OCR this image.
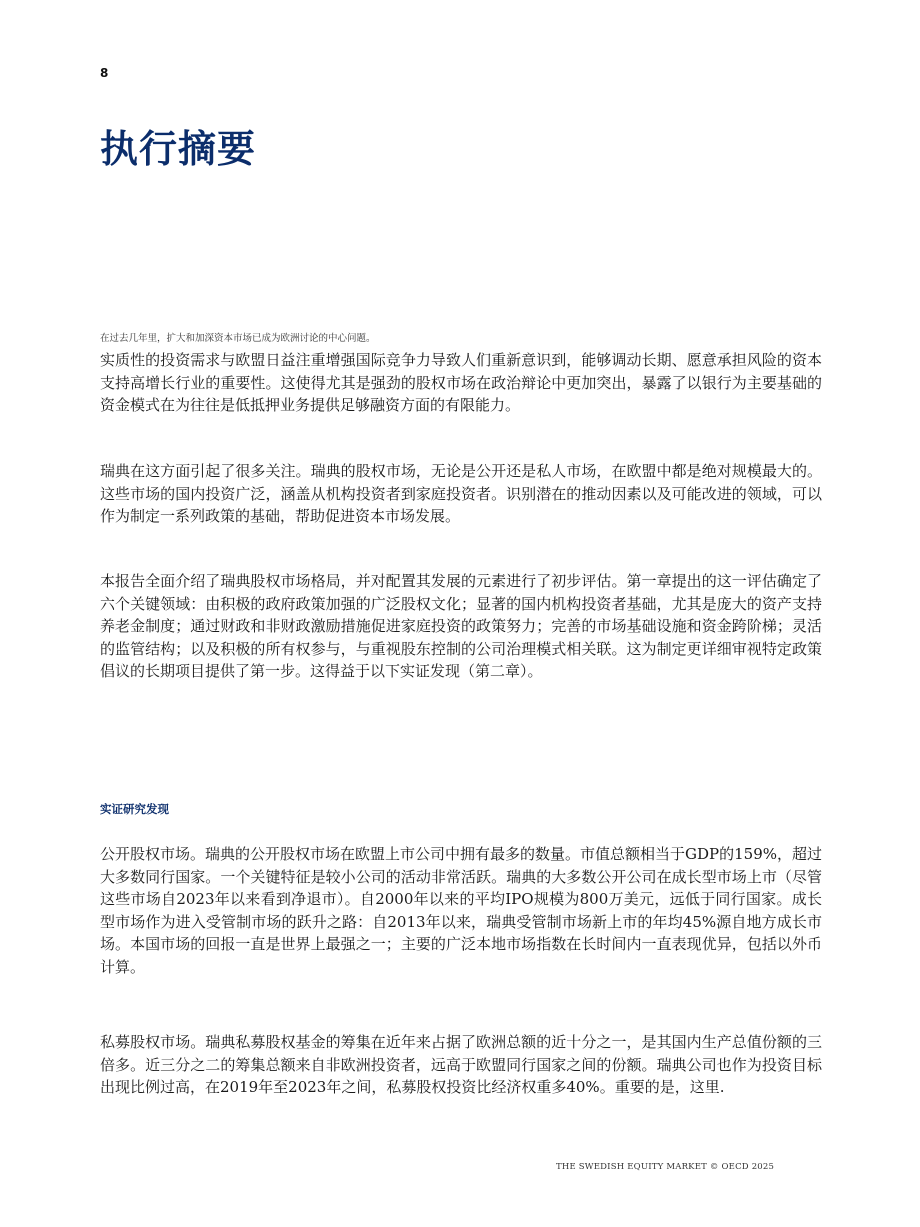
8
执行摘要
在过去几年里，扩大和加深资本市场已成为欧洲讨论的中心问题。

实质性的投资需求与欧盟日益注重增强国际竞争力导致人们重新意识到，能够调动长期、愿意承担风险的资本支持高增长行业的重要性。这使得尤其是强劲的股权市场在政治辩论中更加突出，暴露了以银行为主要基础的资金模式在为往往是低抵押业务提供足够融资方面的有限能力。

瑞典在这方面引起了很多关注。瑞典的股权市场，无论是公开还是私人市场，在欧盟中都是绝对规模最大的。这些市场的国内投资广泛，涵盖从机构投资者到家庭投资者。识别潜在的推动因素以及可能改进的领域，可以作为制定一系列政策的基础，帮助促进资本市场发展。

本报告全面介绍了瑞典股权市场格局，并对配置其发展的元素进行了初步评估。第一章提出的这一评估确定了六个关键领域：由积极的政府政策加强的广泛股权文化；显著的国内机构投资者基础，尤其是庞大的资产支持养老金制度；通过财政和非财政激励措施促进家庭投资的政策努力；完善的市场基础设施和资金跨阶梯；灵活的监管结构；以及积极的所有权参与，与重视股东控制的公司治理模式相关联。这为制定更详细审视特定政策倡议的长期项目提供了第一步。这得益于以下实证发现（第二章）。

实证研究发现

公开股权市场。瑞典的公开股权市场在欧盟上市公司中拥有最多的数量。市值总额相当于GDP的159%，超过大多数同行国家。一个关键特征是较小公司的活动非常活跃。瑞典的大多数公开公司在成长型市场上市（尽管这些市场自2023年以来看到净退市）。自2000年以来的平均IPO规模为800万美元，远低于同行国家。成长型市场作为进入受管制市场的跃升之路：自2013年以来，瑞典受管制市场新上市的年均45%源自地方成长市场。本国市场的回报一直是世界上最强之一；主要的广泛本地市场指数在长时间内一直表现优异，包括以外币计算。

私募股权市场。瑞典私募股权基金的筹集在近年来占据了欧洲总额的近十分之一，是其国内生产总值份额的三倍多。近三分之二的筹集总额来自非欧洲投资者，远高于欧盟同行国家之间的份额。瑞典公司也作为投资目标出现比例过高，在2019年至2023年之间，私募股权投资比经济权重多40%。重要的是，这里.

THE SWEDISH EQUITY MARKET © OECD 2025
